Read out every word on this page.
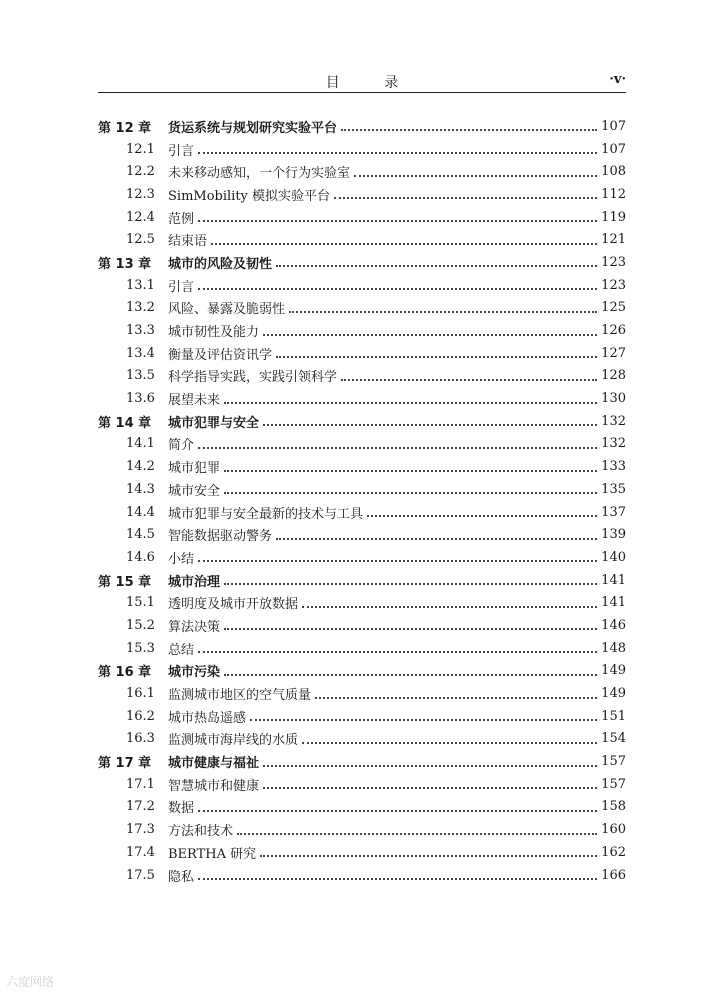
目 录	·v·
第 12 章	货运系统与规划研究实验平台	107
12.1	引言	107
12.2	未来移动感知，一个行为实验室	108
12.3	SimMobility 模拟实验平台	112
12.4	范例	119
12.5	结束语	121
第 13 章	城市的风险及韧性	123
13.1	引言	123
13.2	风险、暴露及脆弱性	125
13.3	城市韧性及能力	126
13.4	衡量及评估资讯学	127
13.5	科学指导实践，实践引领科学	128
13.6	展望未来	130
第 14 章	城市犯罪与安全	132
14.1	简介	132
14.2	城市犯罪	133
14.3	城市安全	135
14.4	城市犯罪与安全最新的技术与工具	137
14.5	智能数据驱动警务	139
14.6	小结	140
第 15 章	城市治理	141
15.1	透明度及城市开放数据	141
15.2	算法决策	146
15.3	总结	148
第 16 章	城市污染	149
16.1	监测城市地区的空气质量	149
16.2	城市热岛遥感	151
16.3	监测城市海岸线的水质	154
第 17 章	城市健康与福祉	157
17.1	智慧城市和健康	157
17.2	数据	158
17.3	方法和技术	160
17.4	BERTHA 研究	162
17.5	隐私	166
六度网络
